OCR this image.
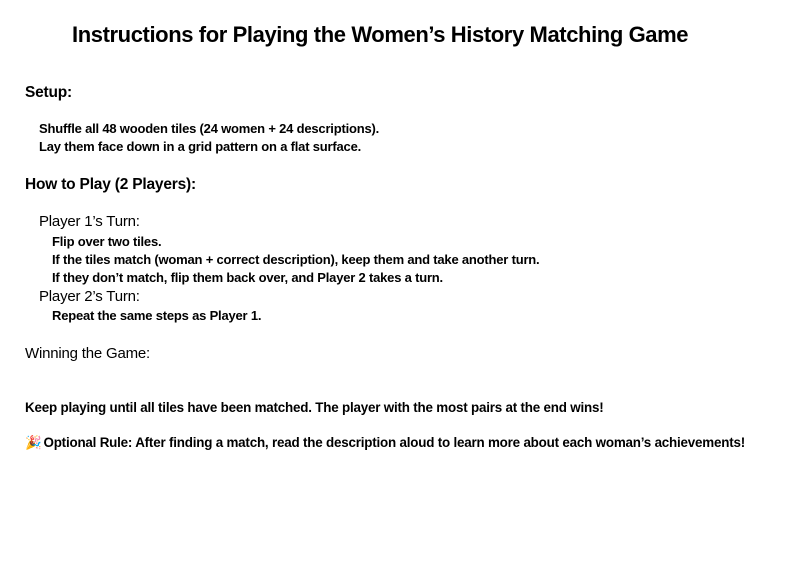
Instructions for Playing the Women’s History Matching Game
Setup:
Shuffle all 48 wooden tiles (24 women + 24 descriptions).
Lay them face down in a grid pattern on a flat surface.
How to Play (2 Players):
Player 1’s Turn:
Flip over two tiles.
If the tiles match (woman + correct description), keep them and take another turn.
If they don’t match, flip them back over, and Player 2 takes a turn.
Player 2’s Turn:
Repeat the same steps as Player 1.
Winning the Game:
Keep playing until all tiles have been matched. The player with the most pairs at the end wins!
🎉 Optional Rule: After finding a match, read the description aloud to learn more about each woman’s achievements!
